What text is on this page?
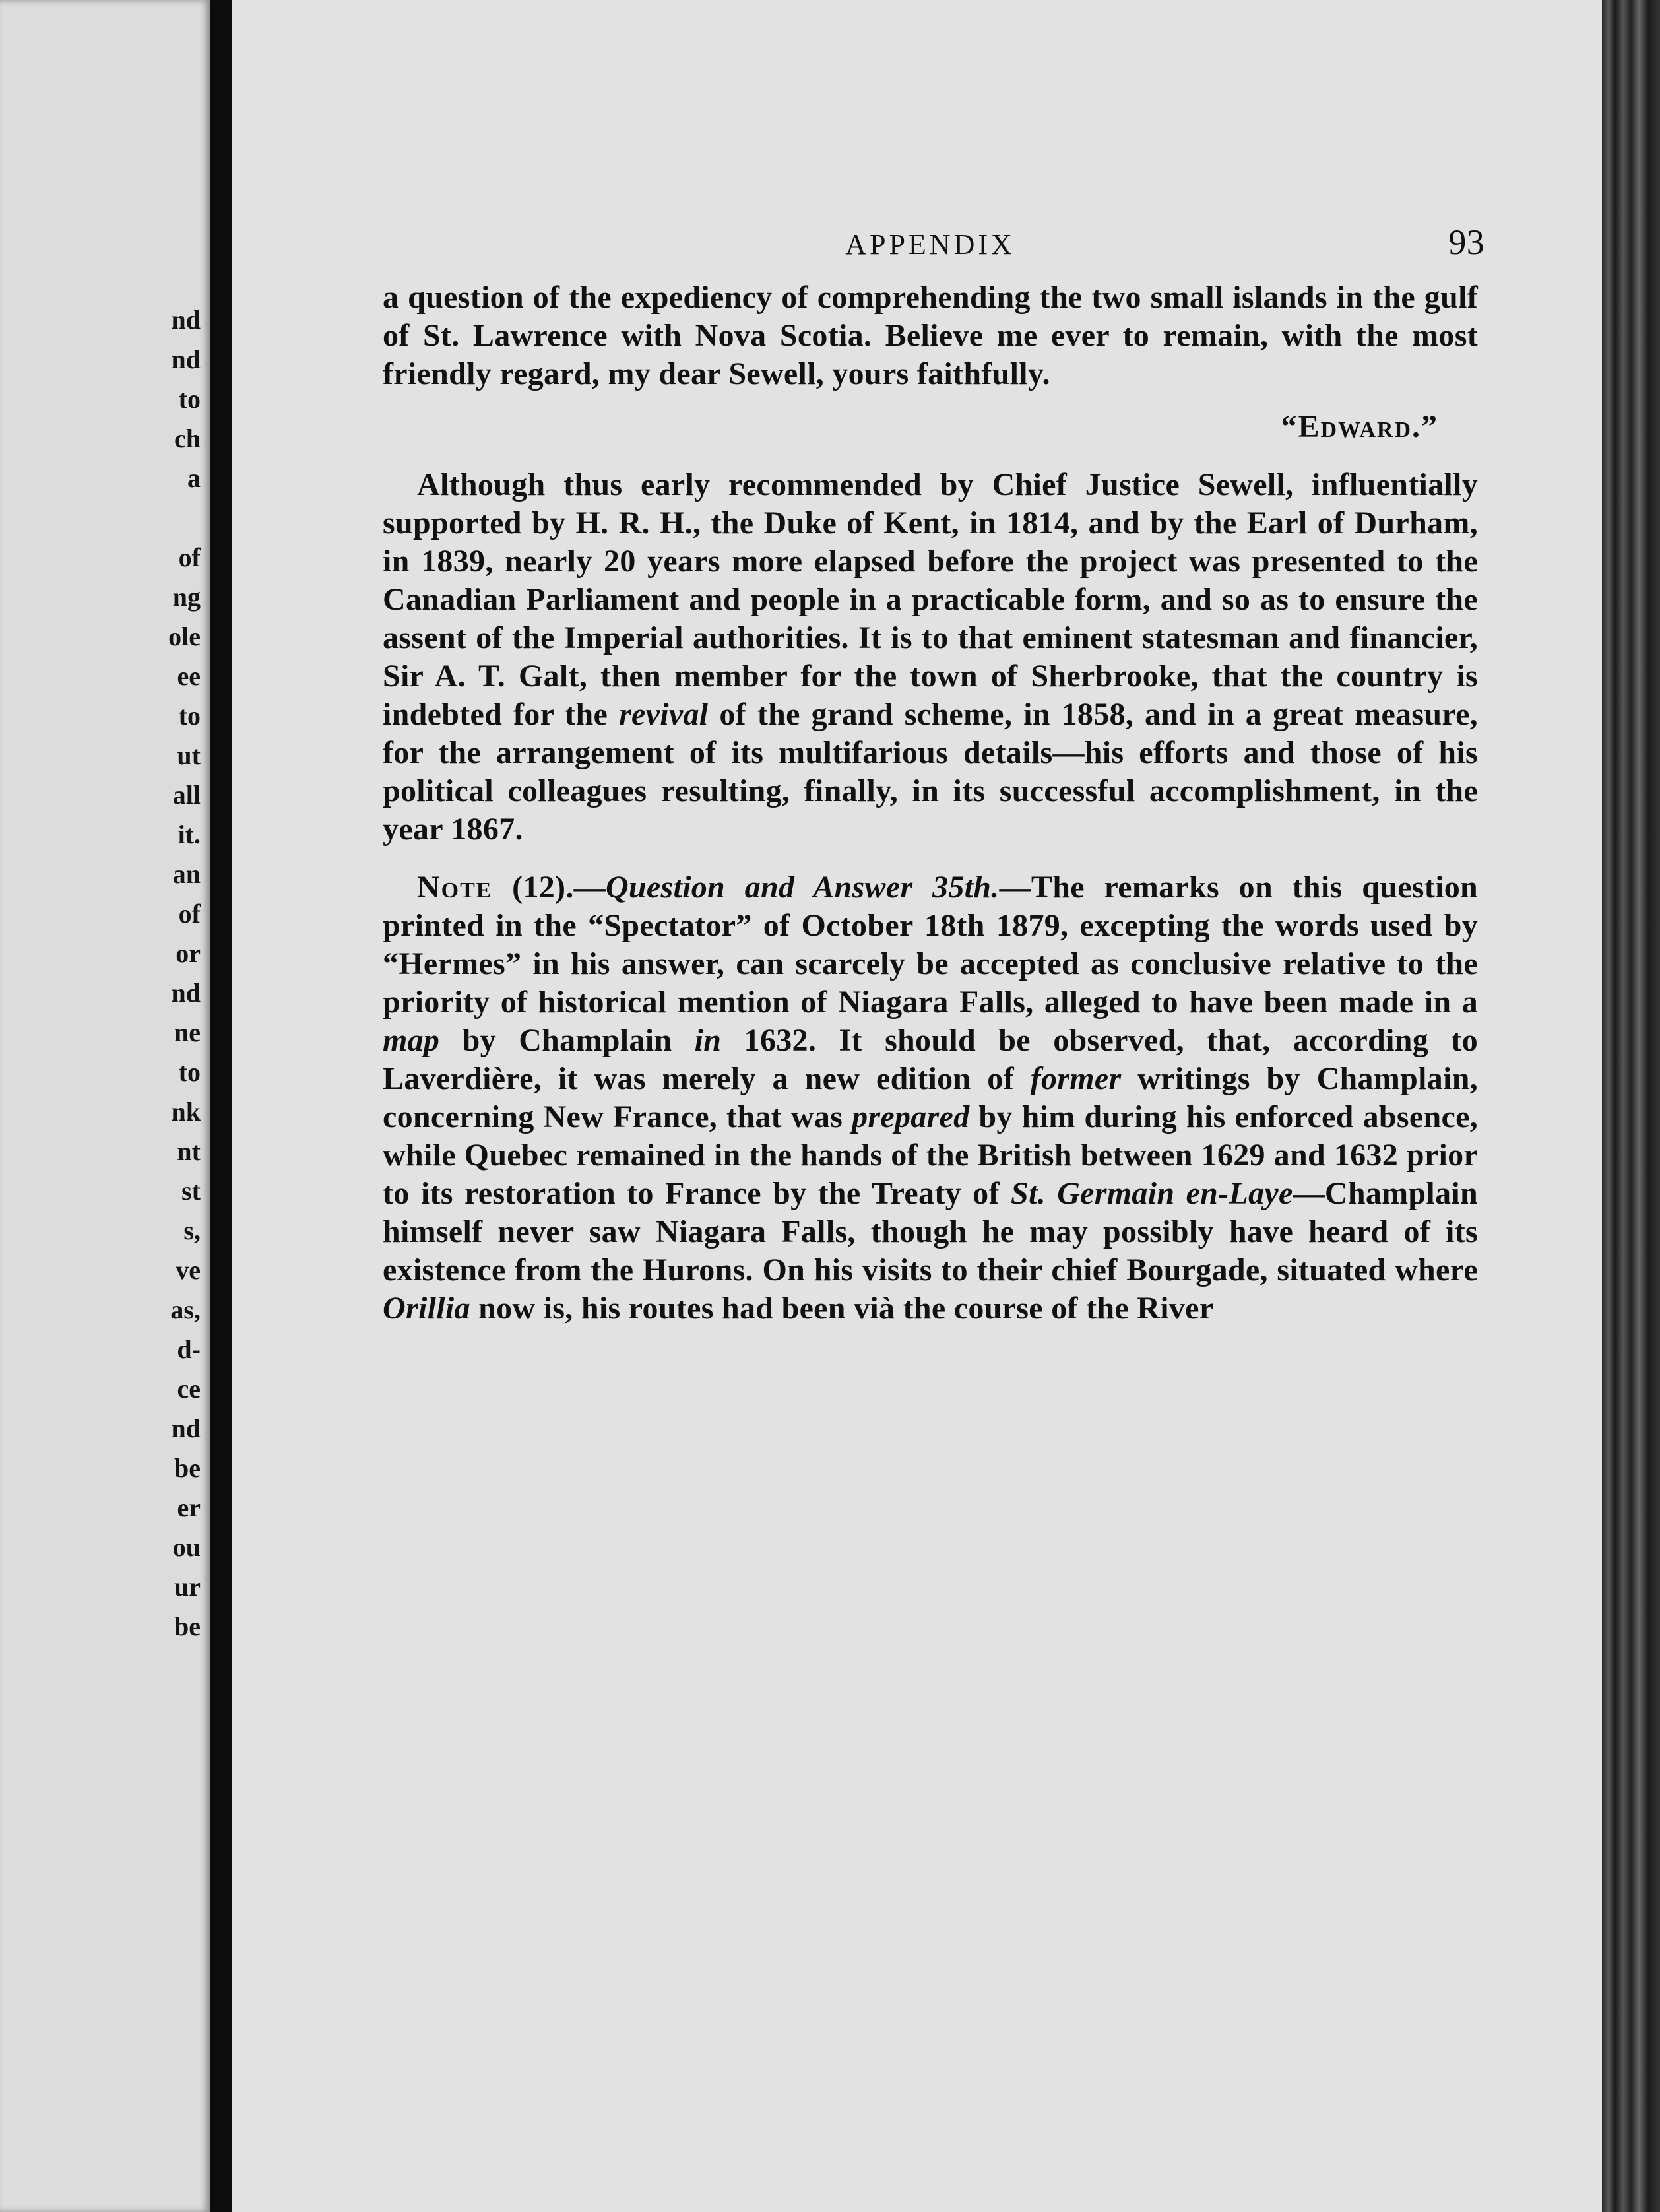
nd
nd
to
ch
a
of
ng
ole
ee
to
ut
all
it.
an
of
or
nd
ne
to
nk
nt
st
s,
ve
as,
d-
ce
nd
be
er
ou
ur
be
APPENDIX	93

a question of the expediency of comprehending the two small islands in the gulf of St. Lawrence with Nova Scotia. Believe me ever to remain, with the most friendly regard, my dear Sewell, yours faithfully.

“Edward.”

Although thus early recommended by Chief Justice Sewell, influentially supported by H. R. H., the Duke of Kent, in 1814, and by the Earl of Durham, in 1839, nearly 20 years more elapsed before the project was presented to the Canadian Parliament and people in a practicable form, and so as to ensure the assent of the Imperial authorities. It is to that eminent statesman and financier, Sir A. T. Galt, then member for the town of Sherbrooke, that the country is indebted for the revival of the grand scheme, in 1858, and in a great measure, for the arrangement of its multifarious details—his efforts and those of his political colleagues resulting, finally, in its successful accomplishment, in the year 1867.

Note (12).—Question and Answer 35th.—The remarks on this question printed in the “Spectator” of October 18th 1879, excepting the words used by “Hermes” in his answer, can scarcely be accepted as conclusive relative to the priority of historical mention of Niagara Falls, alleged to have been made in a map by Champlain in 1632. It should be observed, that, according to Laverdière, it was merely a new edition of former writings by Champlain, concerning New France, that was prepared by him during his enforced absence, while Quebec remained in the hands of the British between 1629 and 1632 prior to its restoration to France by the Treaty of St. Germain en-Laye—Champlain himself never saw Niagara Falls, though he may possibly have heard of its existence from the Hurons. On his visits to their chief Bourgade, situated where Orillia now is, his routes had been vià the course of the River
